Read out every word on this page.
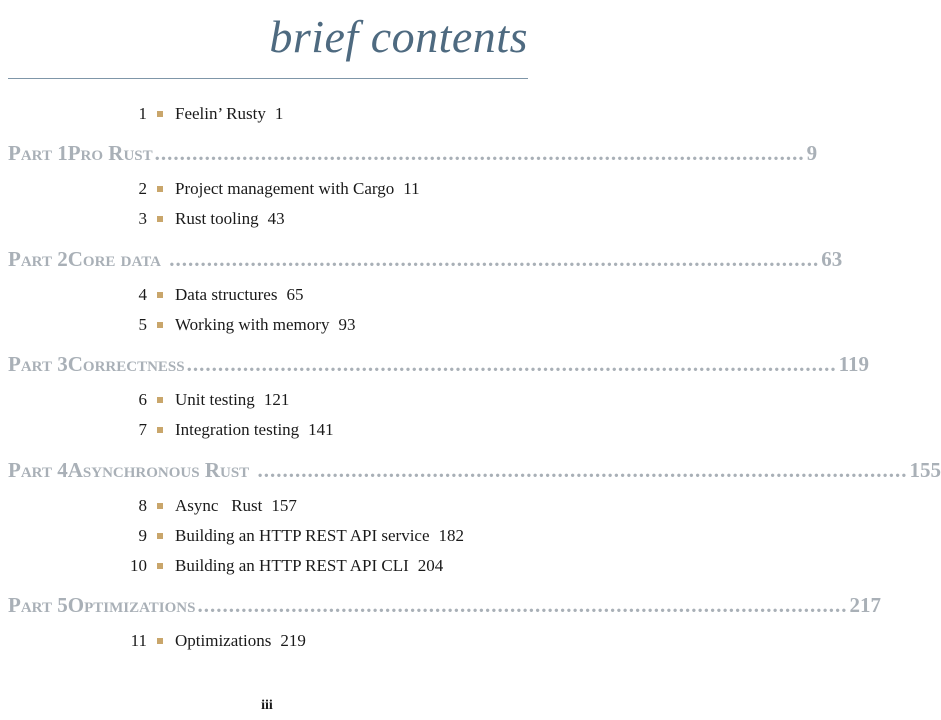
brief contents
1 Feelin’ Rusty 1
Part 1 Pro Rust ........................................................................................................ 9
2 Project management with Cargo 11
3 Rust tooling 43
Part 2 Core data ........................................................................................................ 63
4 Data structures 65
5 Working with memory 93
Part 3 Correctness ........................................................................................................ 119
6 Unit testing 121
7 Integration testing 141
Part 4 Asynchronous Rust ........................................................................................................ 155
8 Async   Rust 157
9 Building an HTTP REST API service 182
10 Building an HTTP REST API CLI 204
Part 5 Optimizations ........................................................................................................ 217
11 Optimizations 219
iii
